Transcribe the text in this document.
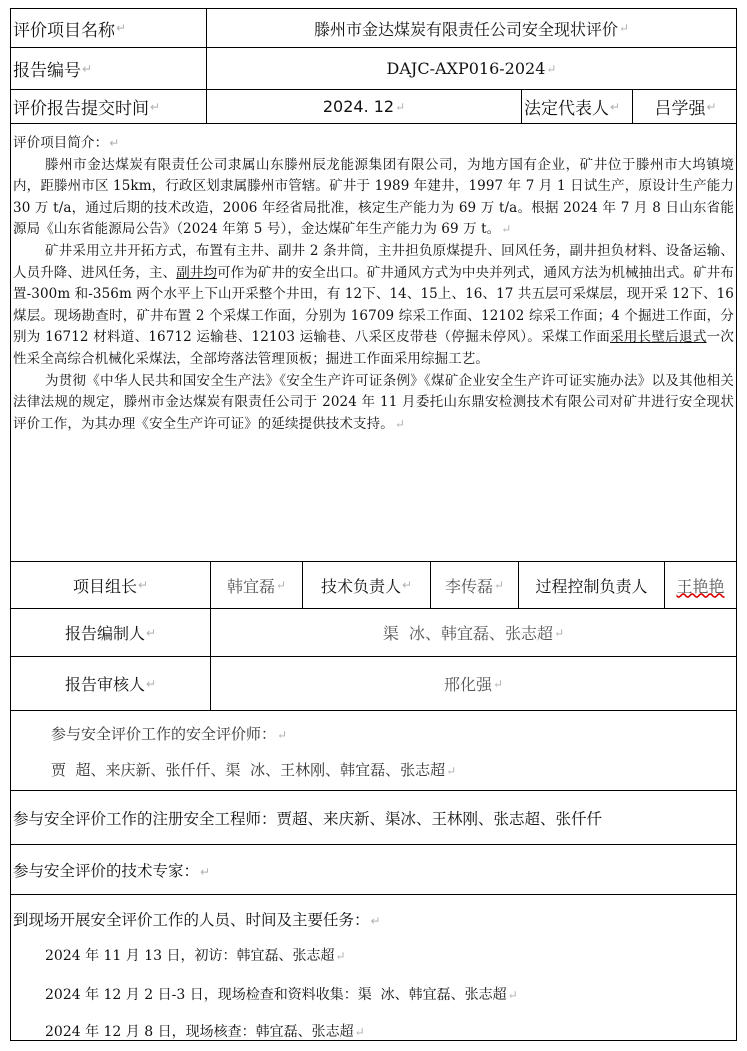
评价项目名称 ↵	滕州市金达煤炭有限责任公司安全现状评价 ↵
报告编号 ↵	DAJC-AXP016-2024 ↵
评价报告提交时间 ↵	2024. 12 ↵	法定代表人 ↵ 吕学强 ↵

评价项目简介：↵

滕州市金达煤炭有限责任公司隶属山东滕州辰龙能源集团有限公司，为地方国有企业，矿井位于滕州市大坞镇境内，距滕州市区 15km，行政区划隶属滕州市管辖。矿井于 1989 年建井，1997 年 7 月 1 日试生产，原设计生产能力 30 万 t/a，通过后期的技术改造，2006 年经省局批准，核定生产能力为 69 万 t/a。根据 2024 年 7 月 8 日山东省能源局《山东省能源局公告》（2024 年第 5 号），金达煤矿年生产能力为 69 万 t。↵

矿井采用立井开拓方式，布置有主井、副井 2 条井筒，主井担负原煤提升、回风任务，副井担负材料、设备运输、人员升降、进风任务，主、副井均可作为矿井的安全出口。矿井通风方式为中央并列式，通风方法为机械抽出式。矿井布置-300m 和-356m 两个水平上下山开采整个井田，有 12下、14、15上、16、17 共五层可采煤层，现开采 12下、16 煤层。现场勘查时，矿井布置 2 个采煤工作面，分别为 16709 综采工作面、12102 综采工作面；4 个掘进工作面，分别为 16712 材料道、16712 运输巷、12103 运输巷、八采区皮带巷（停掘未停风）。采煤工作面采用长壁后退式一次性采全高综合机械化采煤法，全部垮落法管理顶板；掘进工作面采用综掘工艺。

为贯彻《中华人民共和国安全生产法》《安全生产许可证条例》《煤矿企业安全生产许可证实施办法》以及其他相关法律法规的规定，滕州市金达煤炭有限责任公司于 2024 年 11 月委托山东鼎安检测技术有限公司对矿井进行安全现状评价工作，为其办理《安全生产许可证》的延续提供技术支持。↵

项目组长 ↵	韩宜磊 ↵ 技术负责人 ↵ 李传磊 ↵ 过程控制负责人 王艳艳
报告编制人 ↵	渠  冰、韩宜磊、张志超 ↵
报告审核人 ↵	邢化强 ↵
参与安全评价工作的安全评价师：↵
贾  超、来庆新、张仟仟、渠  冰、王林刚、韩宜磊、张志超↵
参与安全评价工作的注册安全工程师：贾超、来庆新、渠冰、王林刚、张志超、张仟仟
参与安全评价的技术专家：↵
到现场开展安全评价工作的人员、时间及主要任务：↵
2024 年 11 月 13 日，初访：韩宜磊、张志超↵
2024 年 12 月 2 日-3 日，现场检查和资料收集：渠  冰、韩宜磊、张志超↵
2024 年 12 月 8 日，现场核查：韩宜磊、张志超↵
